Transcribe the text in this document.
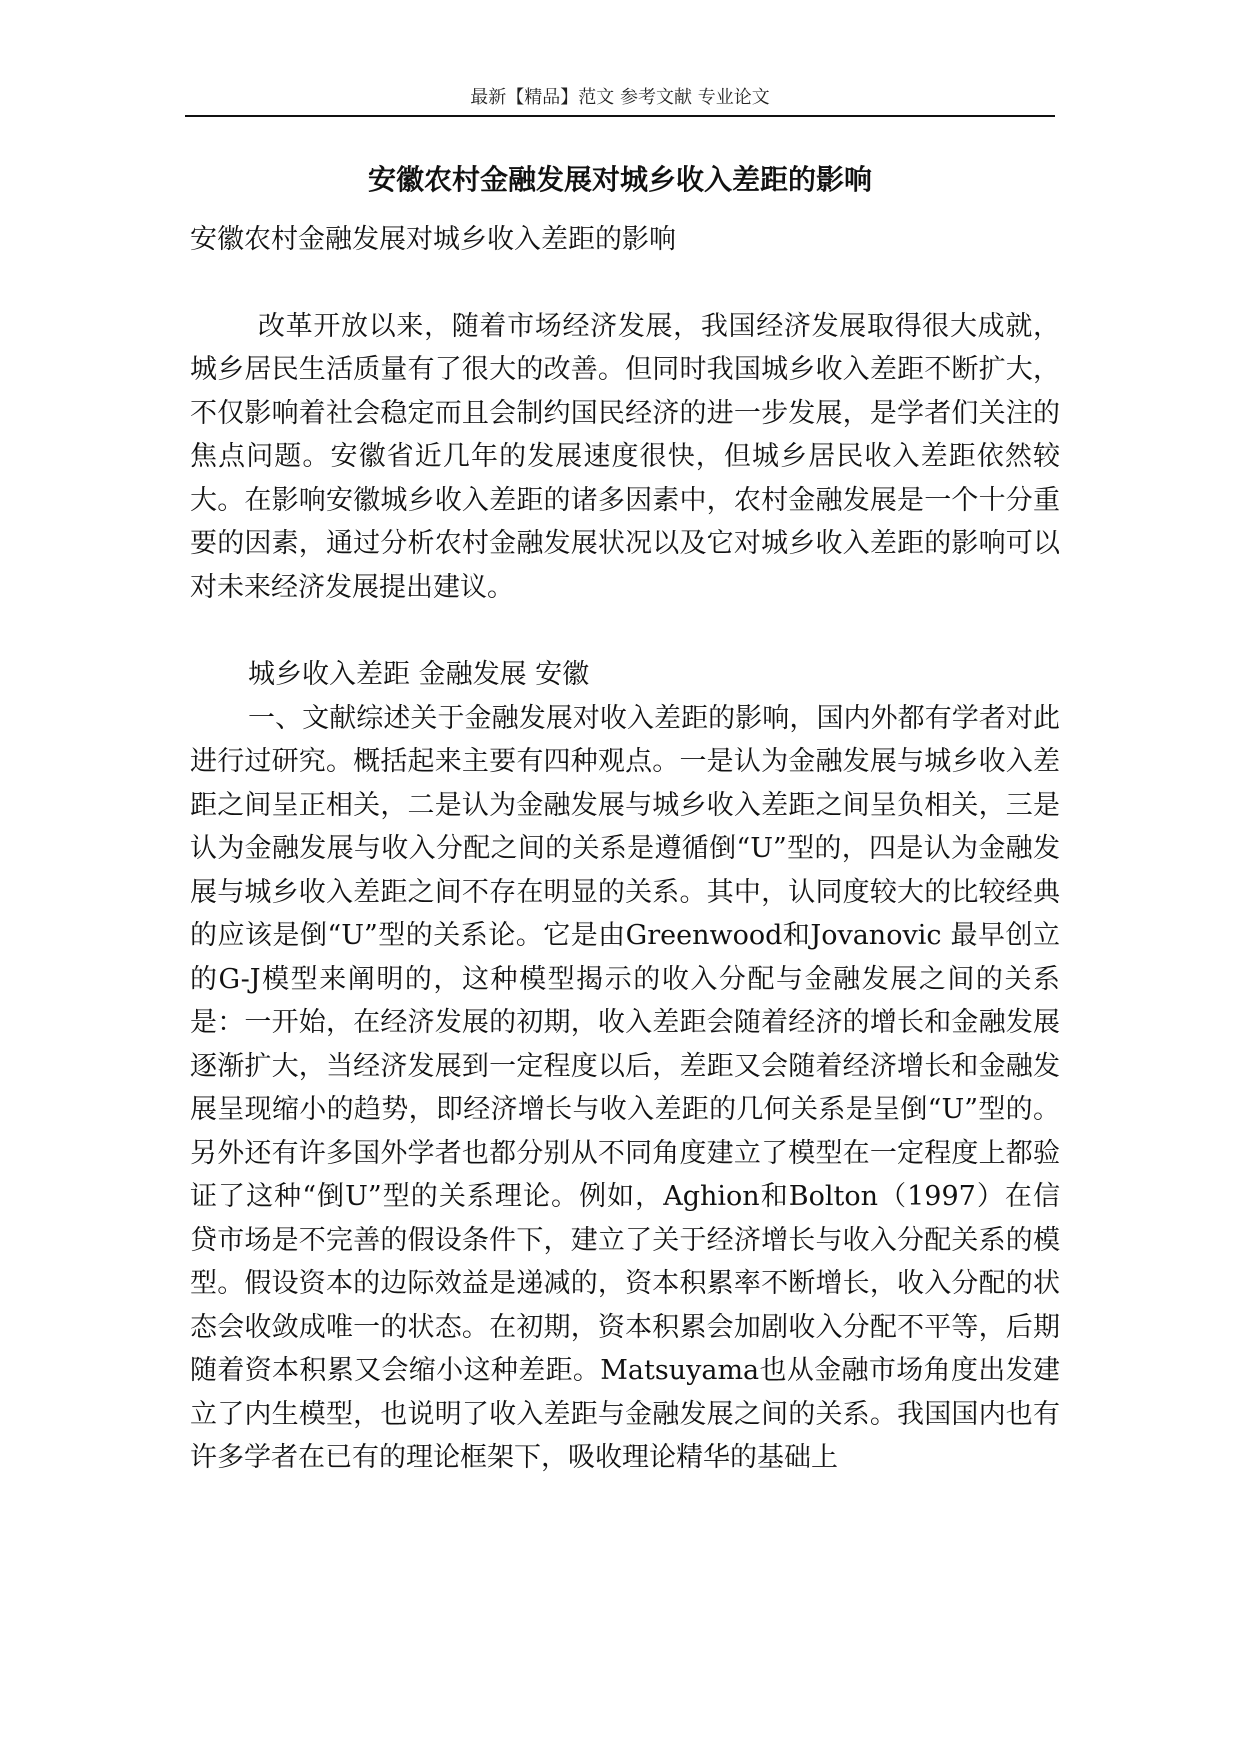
最新【精品】范文 参考文献 专业论文
安徽农村金融发展对城乡收入差距的影响

安徽农村金融发展对城乡收入差距的影响

改革开放以来，随着市场经济发展，我国经济发展取得很大成就，城乡居民生活质量有了很大的改善。但同时我国城乡收入差距不断扩大，不仅影响着社会稳定而且会制约国民经济的进一步发展，是学者们关注的焦点问题。安徽省近几年的发展速度很快，但城乡居民收入差距依然较大。在影响安徽城乡收入差距的诸多因素中，农村金融发展是一个十分重要的因素，通过分析农村金融发展状况以及它对城乡收入差距的影响可以对未来经济发展提出建议。

城乡收入差距 金融发展 安徽

一、文献综述关于金融发展对收入差距的影响，国内外都有学者对此进行过研究。概括起来主要有四种观点。一是认为金融发展与城乡收入差距之间呈正相关，二是认为金融发展与城乡收入差距之间呈负相关，三是认为金融发展与收入分配之间的关系是遵循倒“U”型的，四是认为金融发展与城乡收入差距之间不存在明显的关系。其中，认同度较大的比较经典的应该是倒“U”型的关系论。它是由Greenwood和Jovanovic 最早创立的G-J模型来阐明的，这种模型揭示的收入分配与金融发展之间的关系是：一开始，在经济发展的初期，收入差距会随着经济的增长和金融发展逐渐扩大，当经济发展到一定程度以后，差距又会随着经济增长和金融发展呈现缩小的趋势，即经济增长与收入差距的几何关系是呈倒“U”型的。另外还有许多国外学者也都分别从不同角度建立了模型在一定程度上都验证了这种“倒U”型的关系理论。例如，Aghion和Bolton（1997）在信贷市场是不完善的假设条件下，建立了关于经济增长与收入分配关系的模型。假设资本的边际效益是递减的，资本积累率不断增长，收入分配的状态会收敛成唯一的状态。在初期，资本积累会加剧收入分配不平等，后期随着资本积累又会缩小这种差距。Matsuyama也从金融市场角度出发建立了内生模型，也说明了收入差距与金融发展之间的关系。我国国内也有许多学者在已有的理论框架下，吸收理论精华的基础上
